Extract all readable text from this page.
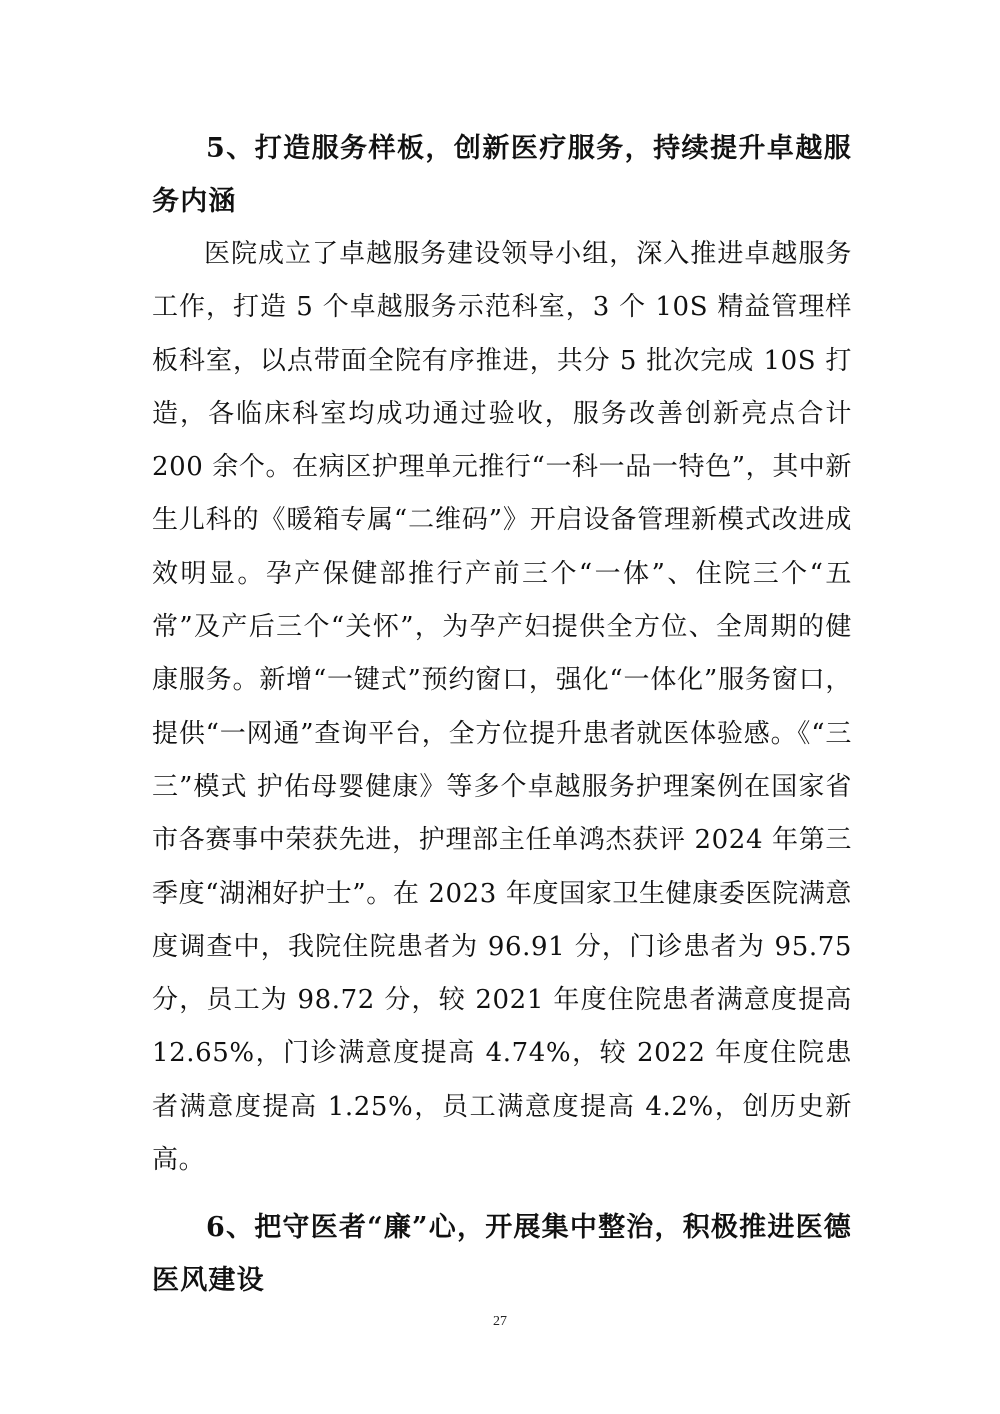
5、打造服务样板，创新医疗服务，持续提升卓越服务内涵

医院成立了卓越服务建设领导小组，深入推进卓越服务工作，打造 5 个卓越服务示范科室，3 个 10S 精益管理样板科室，以点带面全院有序推进，共分 5 批次完成 10S 打造，各临床科室均成功通过验收，服务改善创新亮点合计 200 余个。在病区护理单元推行“一科一品一特色”，其中新生儿科的《暖箱专属“二维码”》开启设备管理新模式改进成效明显。孕产保健部推行产前三个“一体”、住院三个“五常”及产后三个“关怀”，为孕产妇提供全方位、全周期的健康服务。新增“一键式”预约窗口，强化“一体化”服务窗口，提供“一网通”查询平台，全方位提升患者就医体验感。《“三三”模式 护佑母婴健康》等多个卓越服务护理案例在国家省市各赛事中荣获先进，护理部主任单鸿杰获评 2024 年第三季度“湖湘好护士”。在 2023 年度国家卫生健康委医院满意度调查中，我院住院患者为 96.91 分，门诊患者为 95.75 分，员工为 98.72 分，较 2021 年度住院患者满意度提高 12.65%，门诊满意度提高 4.74%，较 2022 年度住院患者满意度提高 1.25%，员工满意度提高 4.2%，创历史新高。

6、把守医者“廉”心，开展集中整治，积极推进医德医风建设
27
